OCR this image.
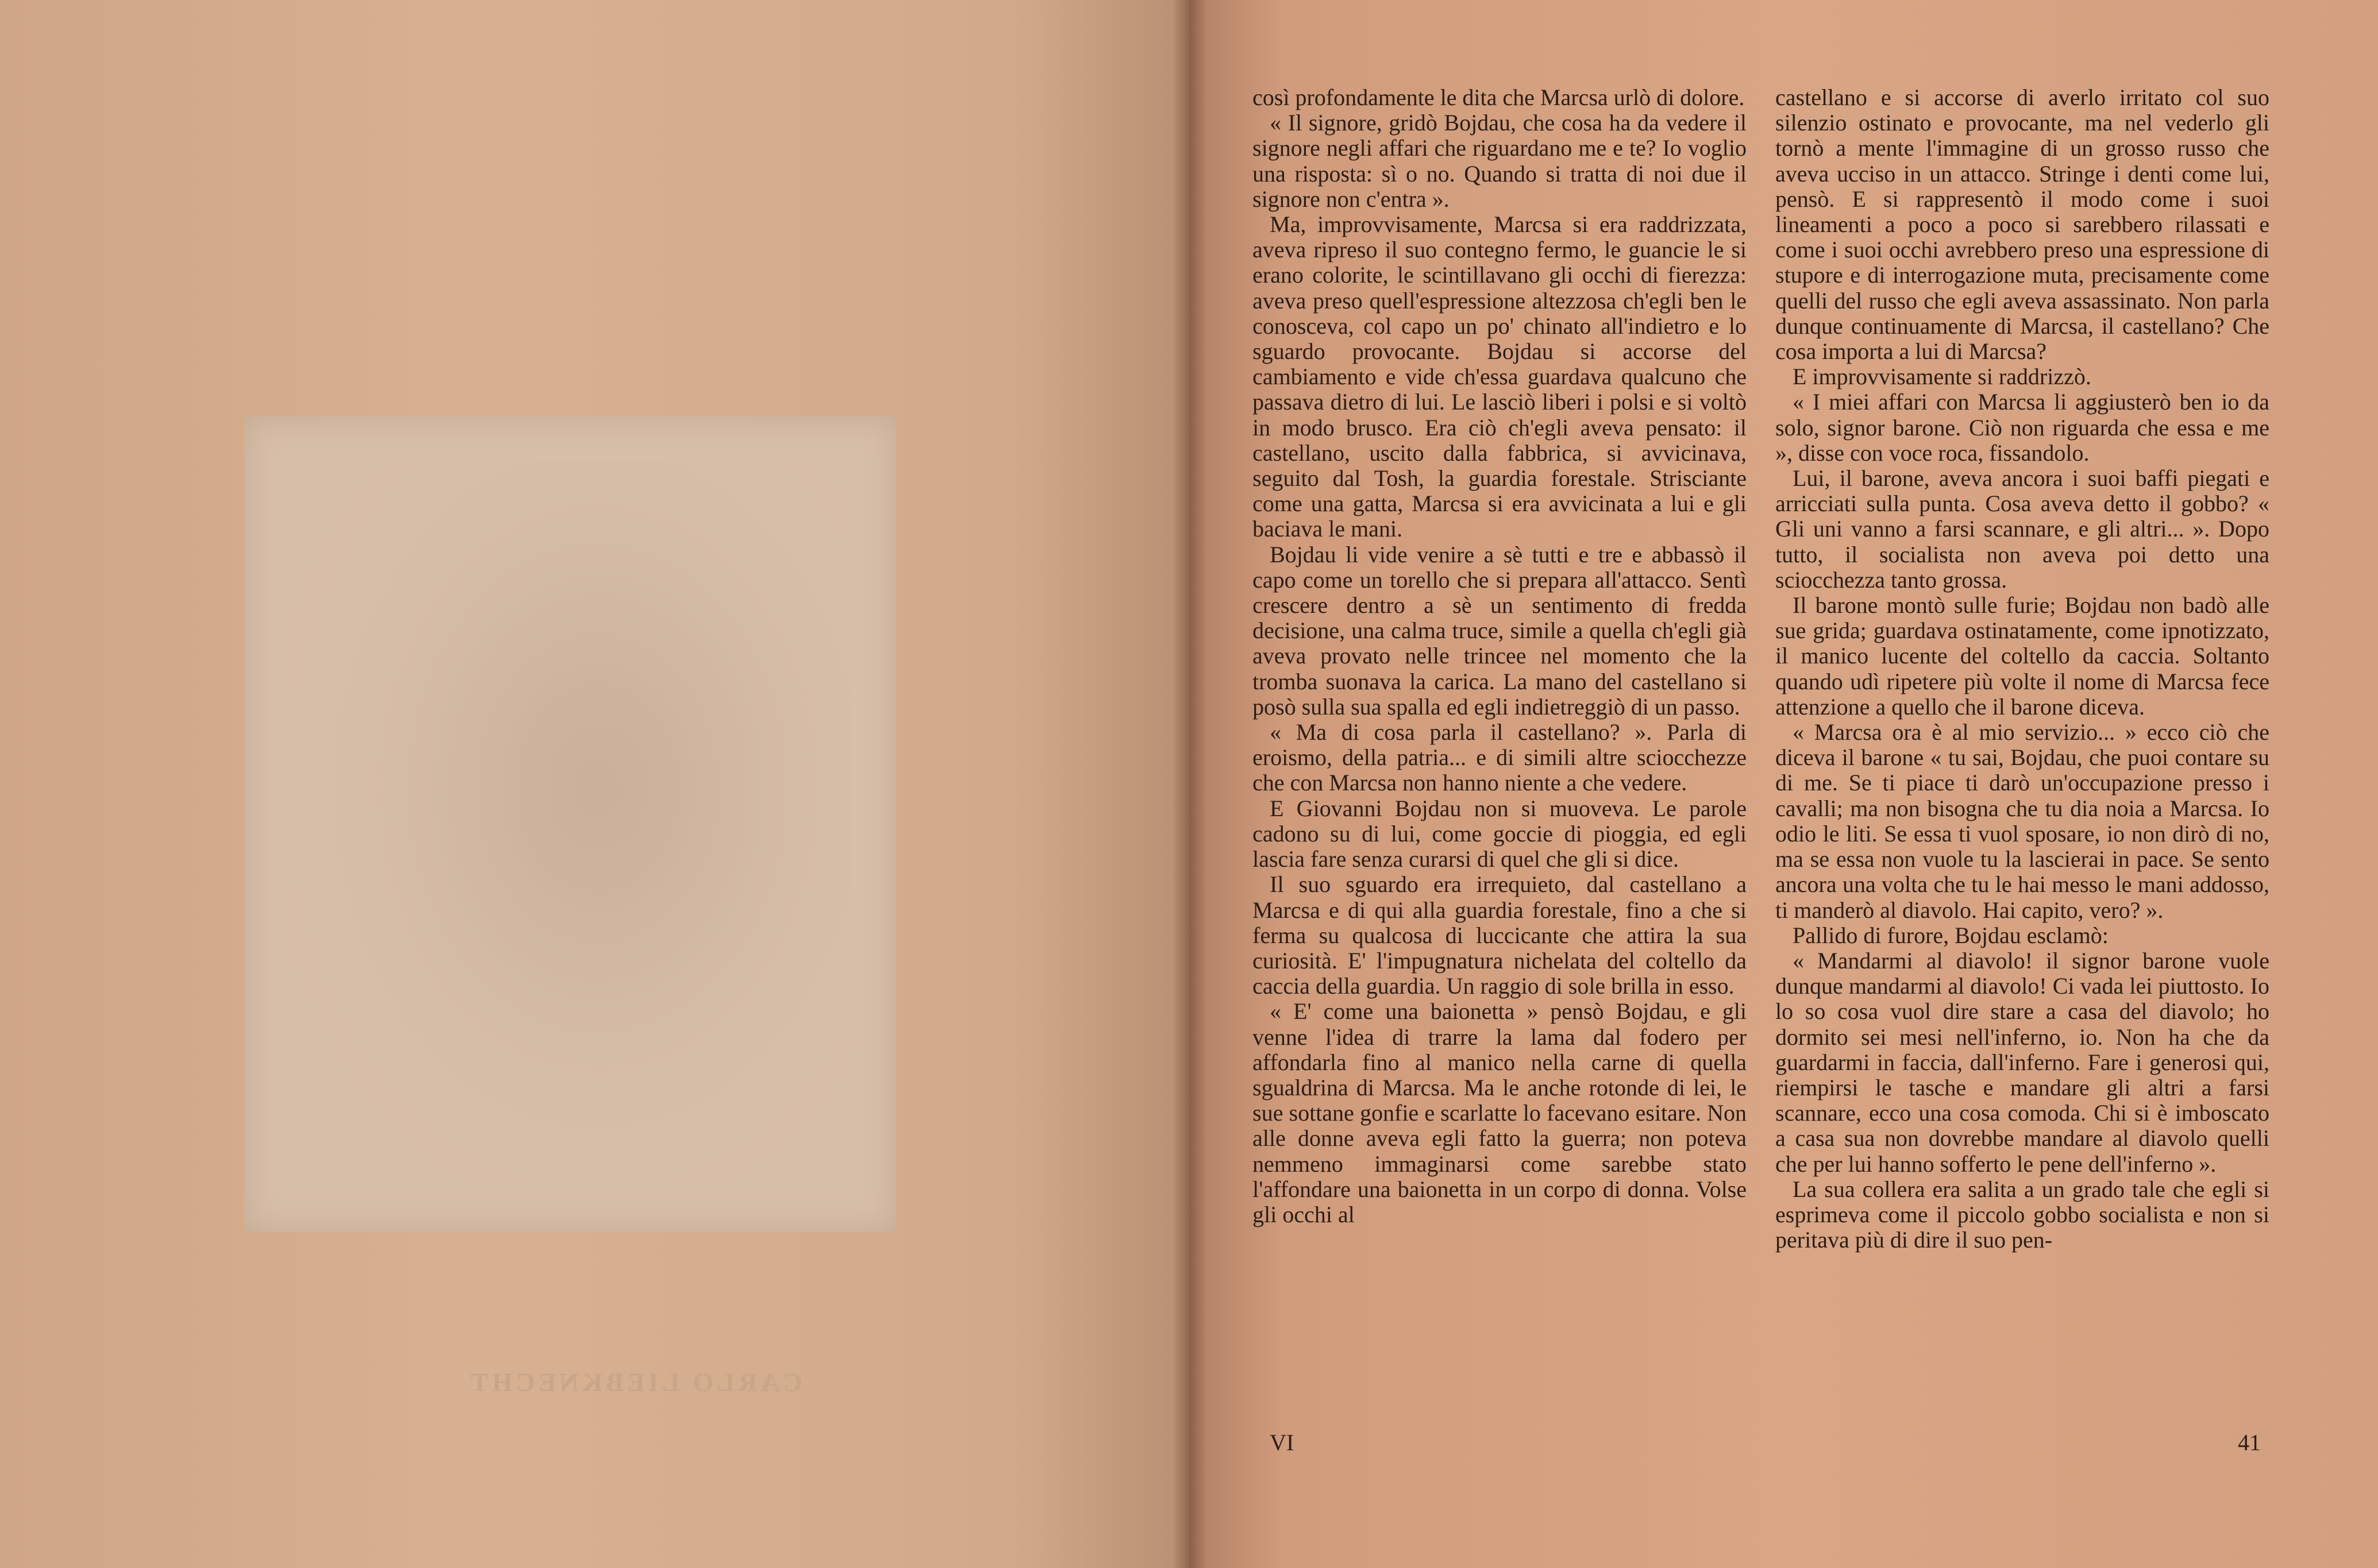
CARLO LIEBKNECHT

così profondamente le dita che Marcsa urlò di dolore.

« Il signore, gridò Bojdau, che cosa ha da vedere il signore negli affari che riguardano me e te? Io voglio una risposta: sì o no. Quando si tratta di noi due il signore non c'entra ».

Ma, improvvisamente, Marcsa si era raddrizzata, aveva ripreso il suo contegno fermo, le guancie le si erano colorite, le scintillavano gli occhi di fierezza: aveva preso quell'espressione altezzosa ch'egli ben le conosceva, col capo un po' chinato all'indietro e lo sguardo provocante. Bojdau si accorse del cambiamento e vide ch'essa guardava qualcuno che passava dietro di lui. Le lasciò liberi i polsi e si voltò in modo brusco. Era ciò ch'egli aveva pensato: il castellano, uscito dalla fabbrica, si avvicinava, seguito dal Tosh, la guardia forestale. Strisciante come una gatta, Marcsa si era avvicinata a lui e gli baciava le mani.

Bojdau li vide venire a sè tutti e tre e abbassò il capo come un torello che si prepara all'attacco. Sentì crescere dentro a sè un sentimento di fredda decisione, una calma truce, simile a quella ch'egli già aveva provato nelle trincee nel momento che la tromba suonava la carica. La mano del castellano si posò sulla sua spalla ed egli indietreggiò di un passo.

« Ma di cosa parla il castellano? ». Parla di eroismo, della patria... e di simili altre sciocchezze che con Marcsa non hanno niente a che vedere.

E Giovanni Bojdau non si muoveva. Le parole cadono su di lui, come goccie di pioggia, ed egli lascia fare senza curarsi di quel che gli si dice.

Il suo sguardo era irrequieto, dal castellano a Marcsa e di qui alla guardia forestale, fino a che si ferma su qualcosa di luccicante che attira la sua curiosità. E' l'impugnatura nichelata del coltello da caccia della guardia. Un raggio di sole brilla in esso.

« E' come una baionetta » pensò Bojdau, e gli venne l'idea di trarre la lama dal fodero per affondarla fino al manico nella carne di quella sgualdrina di Marcsa. Ma le anche rotonde di lei, le sue sottane gonfie e scarlatte lo facevano esitare. Non alle donne aveva egli fatto la guerra; non poteva nemmeno immaginarsi come sarebbe stato l'affondare una baionetta in un corpo di donna. Volse gli occhi al

castellano e si accorse di averlo irritato col suo silenzio ostinato e provocante, ma nel vederlo gli tornò a mente l'immagine di un grosso russo che aveva ucciso in un attacco. Stringe i denti come lui, pensò. E si rappresentò il modo come i suoi lineamenti a poco a poco si sarebbero rilassati e come i suoi occhi avrebbero preso una espressione di stupore e di interrogazione muta, precisamente come quelli del russo che egli aveva assassinato. Non parla dunque continuamente di Marcsa, il castellano? Che cosa importa a lui di Marcsa?

E improvvisamente si raddrizzò.

« I miei affari con Marcsa li aggiusterò ben io da solo, signor barone. Ciò non riguarda che essa e me », disse con voce roca, fissandolo.

Lui, il barone, aveva ancora i suoi baffi piegati e arricciati sulla punta. Cosa aveva detto il gobbo? « Gli uni vanno a farsi scannare, e gli altri... ». Dopo tutto, il socialista non aveva poi detto una sciocchezza tanto grossa.

Il barone montò sulle furie; Bojdau non badò alle sue grida; guardava ostinatamente, come ipnotizzato, il manico lucente del coltello da caccia. Soltanto quando udì ripetere più volte il nome di Marcsa fece attenzione a quello che il barone diceva.

« Marcsa ora è al mio servizio... » ecco ciò che diceva il barone « tu sai, Bojdau, che puoi contare su di me. Se ti piace ti darò un'occupazione presso i cavalli; ma non bisogna che tu dia noia a Marcsa. Io odio le liti. Se essa ti vuol sposare, io non dirò di no, ma se essa non vuole tu la lascierai in pace. Se sento ancora una volta che tu le hai messo le mani addosso, ti manderò al diavolo. Hai capito, vero? ».

Pallido di furore, Bojdau esclamò:

« Mandarmi al diavolo! il signor barone vuole dunque mandarmi al diavolo! Ci vada lei piuttosto. Io lo so cosa vuol dire stare a casa del diavolo; ho dormito sei mesi nell'inferno, io. Non ha che da guardarmi in faccia, dall'inferno. Fare i generosi qui, riempirsi le tasche e mandare gli altri a farsi scannare, ecco una cosa comoda. Chi si è imboscato a casa sua non dovrebbe mandare al diavolo quelli che per lui hanno sofferto le pene dell'inferno ».

La sua collera era salita a un grado tale che egli si esprimeva come il piccolo gobbo socialista e non si peritava più di dire il suo pen-

VI	41
